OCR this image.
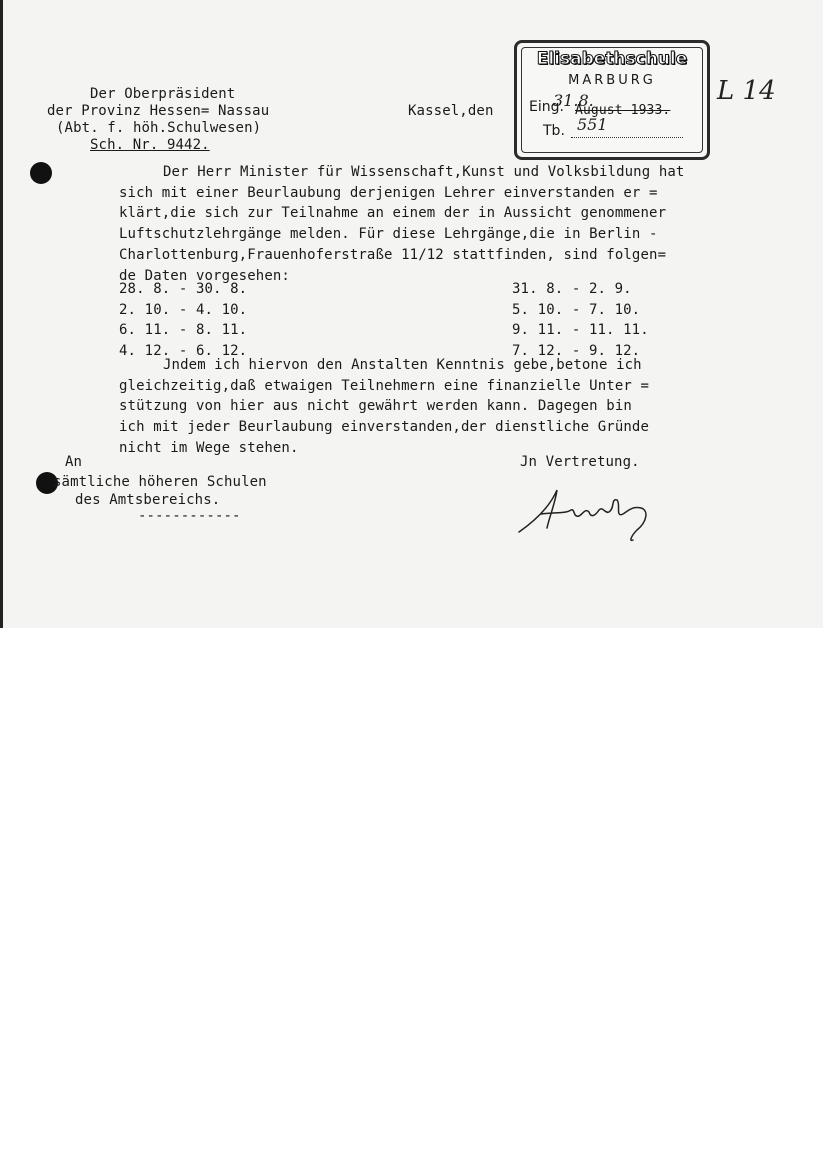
Der Oberpräsident
der Provinz Hessen= Nassau
(Abt. f. höh.Schulwesen)
Sch. Nr. 9442.
Kassel,den
Elisabethschule
MARBURG
Eing.
31.8.
August 1933.
Tb. 551
L 14
Der Herr Minister für Wissenschaft,Kunst und Volksbildung hat
sich mit einer Beurlaubung derjenigen Lehrer einverstanden er =
klärt,die sich zur Teilnahme an einem der in Aussicht genommener
Luftschutzlehrgänge melden. Für diese Lehrgänge,die in Berlin -
Charlottenburg,Frauenhoferstraße 11/12 stattfinden, sind folgen=
de Daten vorgesehen:
28. 8. - 30. 8.
2. 10. - 4. 10.
6. 11. - 8. 11.
4. 12. - 6. 12.
31. 8. - 2. 9.
5. 10. - 7. 10.
9. 11. - 11. 11.
7. 12. - 9. 12.
Jndem ich hiervon den Anstalten Kenntnis gebe,betone ich
gleichzeitig,daß etwaigen Teilnehmern eine finanzielle Unter =
stützung von hier aus nicht gewährt werden kann. Dagegen bin
ich mit jeder Beurlaubung einverstanden,der dienstliche Gründe
nicht im Wege stehen.
An
sämtliche höheren Schulen
des Amtsbereichs.
------------
Jn Vertretung.
